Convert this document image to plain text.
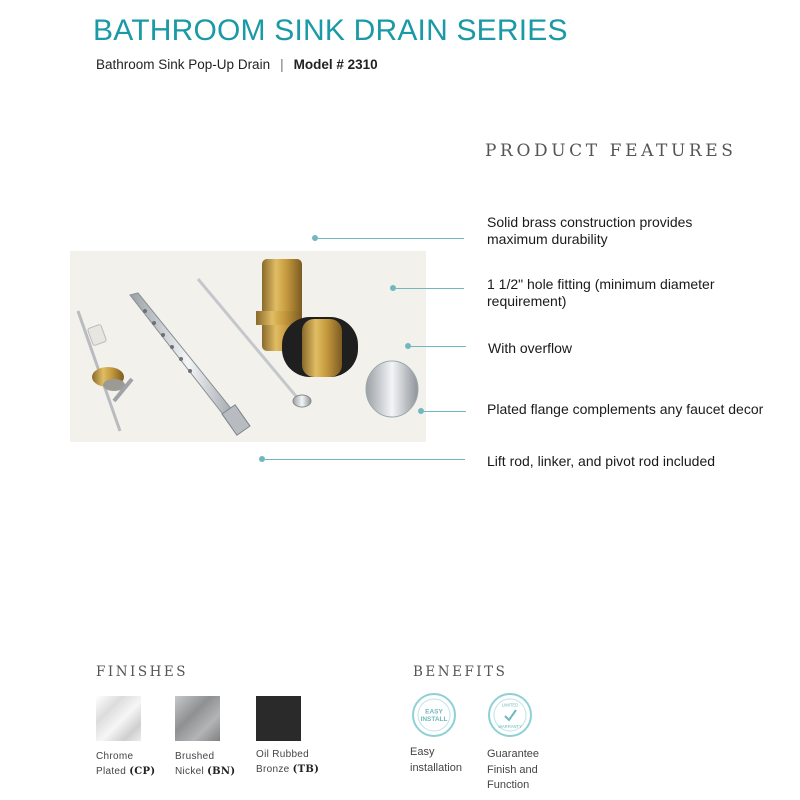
BATHROOM SINK DRAIN SERIES
Bathroom Sink Pop-Up Drain | Model # 2310
PRODUCT FEATURES
Solid brass construction provides
maximum durability
1 1/2" hole fitting (minimum diameter
requirement)
With overflow
Plated flange complements any faucet decor
Lift rod, linker, and pivot rod included
FINISHES
Chrome
Plated (CP)
Brushed
Nickel (BN)
Oil Rubbed
Bronze (TB)
BENEFITS
EASY
INSTALL
LIMITED
WARRANTY
Easy
installation
Guarantee
Finish and
Function
